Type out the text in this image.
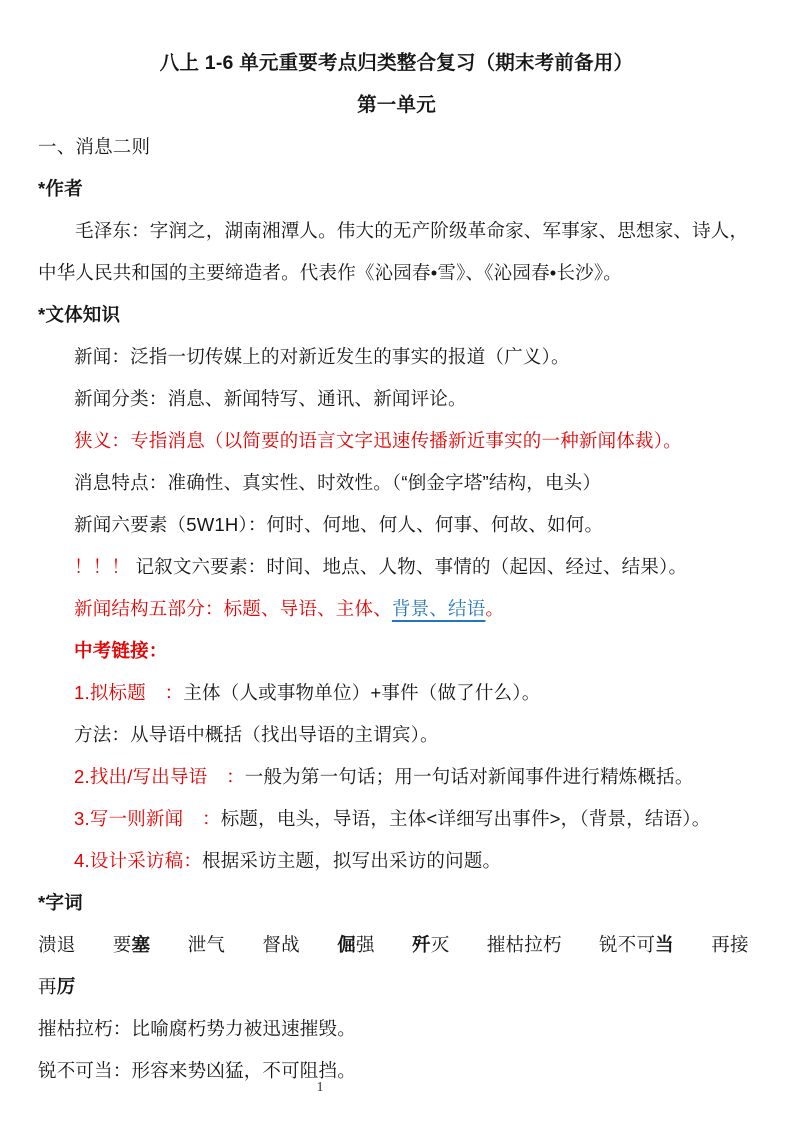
八上 1-6 单元重要考点归类整合复习（期末考前备用）

第一单元

一、消息二则

*作者

毛泽东：字润之，湖南湘潭人。伟大的无产阶级革命家、军事家、思想家、诗人，

中华人民共和国的主要缔造者。代表作《沁园春•雪》、《沁园春•长沙》。

*文体知识

新闻：泛指一切传媒上的对新近发生的事实的报道（广义）。

新闻分类：消息、新闻特写、通讯、新闻评论。

狭义：专指消息（以简要的语言文字迅速传播新近事实的一种新闻体裁）。

消息特点：准确性、真实性、时效性。（“倒金字塔”结构，电头）

新闻六要素（5W1H）：何时、何地、何人、何事、何故、如何。

！！！ 记叙文六要素：时间、地点、人物、事情的（起因、经过、结果）。

新闻结构五部分：标题、导语、主体、背景、结语。

中考链接：

1.拟标题　：主体（人或事物单位）+事件（做了什么）。

方法：从导语中概括（找出导语的主谓宾）。

2.找出/写出导语　：一般为第一句话；用一句话对新闻事件进行精炼概括。

3.写一则新闻　：标题，电头，导语，主体<详细写出事件>，（背景，结语）。

4.设计采访稿：根据采访主题，拟写出采访的问题。

*字词

溃退　　要塞　　泄气　　督战　　倔强　　歼灭　　摧枯拉朽　　锐不可当　　再接再厉

摧枯拉朽：比喻腐朽势力被迅速摧毁。

锐不可当：形容来势凶猛，不可阻挡。

1
